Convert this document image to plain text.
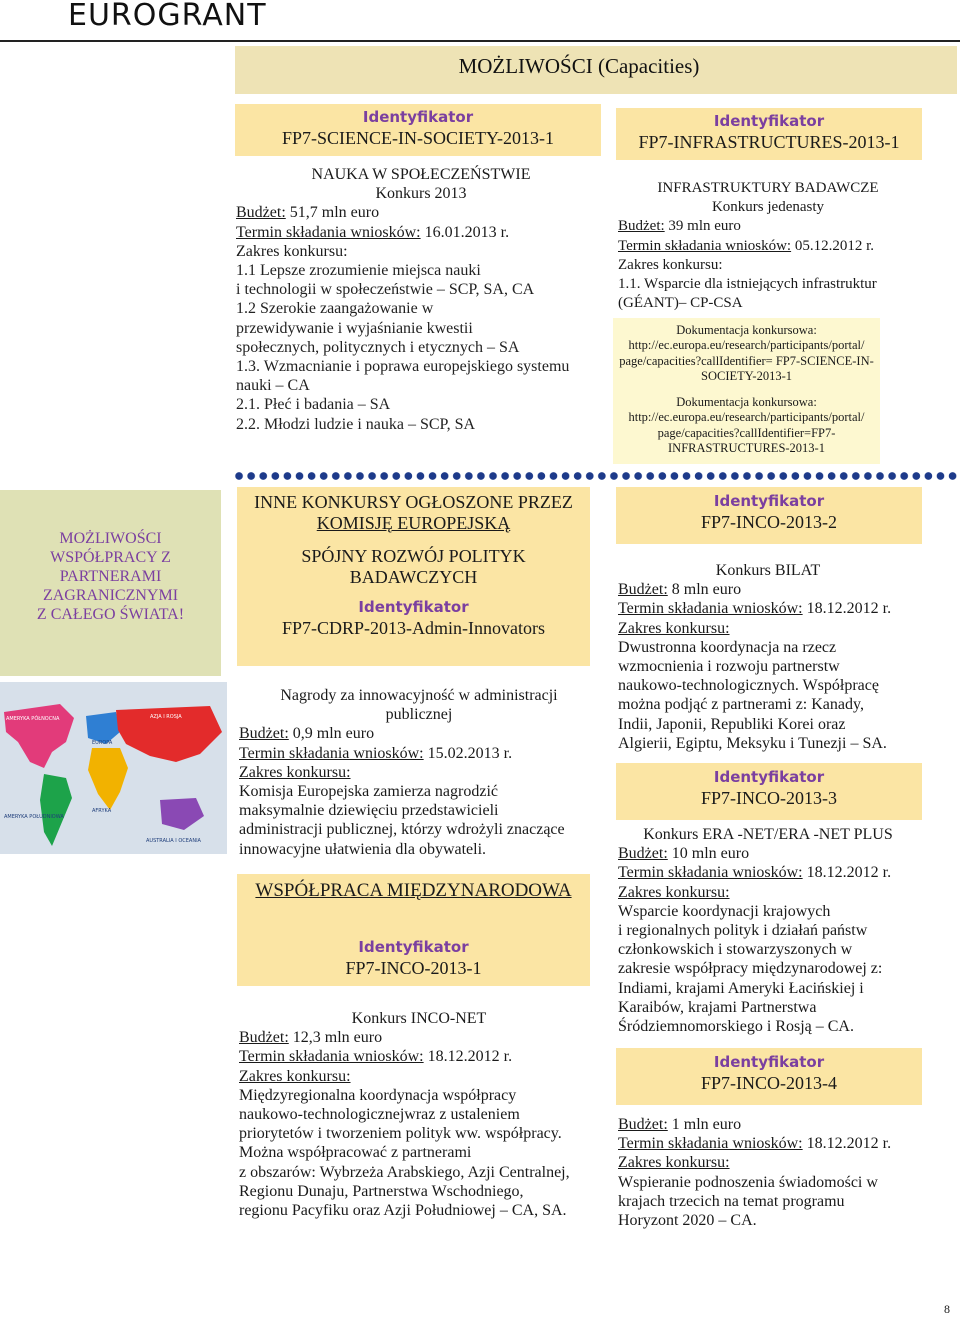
EUROGRANT
MOŻLIWOŚCI (Capacities)
Identyfikator
FP7-SCIENCE-IN-SOCIETY-2013-1
NAUKA W SPOŁECZEŃSTWIE
Konkurs 2013
Budżet: 51,7 mln euro
Termin składania wniosków: 16.01.2013 r.
Zakres konkursu:
1.1 Lepsze zrozumienie miejsca nauki
i technologii w społeczeństwie – SCP, SA, CA
1.2 Szerokie zaangażowanie w
przewidywanie i wyjaśnianie kwestii
społecznych, politycznych i etycznych – SA
1.3. Wzmacnianie i poprawa europejskiego systemu
nauki – CA
2.1. Płeć i badania – SA
2.2. Młodzi ludzie i nauka – SCP, SA
Identyfikator
FP7-INFRASTRUCTURES-2013-1
INFRASTRUKTURY BADAWCZE
Konkurs jedenasty
Budżet: 39 mln euro
Termin składania wniosków: 05.12.2012 r.
Zakres konkursu:
1.1. Wsparcie dla istniejących infrastruktur
(GÉANT)– CP-CSA
Dokumentacja konkursowa:
http://ec.europa.eu/research/participants/portal/
page/capacities?callIdentifier= FP7-SCIENCE-IN-
SOCIETY-2013-1
Dokumentacja konkursowa:
http://ec.europa.eu/research/participants/portal/
page/capacities?callIdentifier=FP7-
INFRASTRUCTURES-2013-1
MOŻLIWOŚCI
WSPÓŁPRACY Z
PARTNERAMI
ZAGRANICZNYMI
Z CAŁEGO ŚWIATA!
AMERYKA PÓŁNOCNA
EUROPA
AZJA I ROSJA
AFRYKA
AMERYKA POŁUDNIOWA
AUSTRALIA I OCEANIA
INNE KONKURSY OGŁOSZONE PRZEZ
KOMISJĘ EUROPEJSKĄ
SPÓJNY ROZWÓJ POLITYK
BADAWCZYCH
Identyfikator
FP7-CDRP-2013-Admin-Innovators
Nagrody za innowacyjność w administracji
publicznej
Budżet: 0,9 mln euro
Termin składania wniosków: 15.02.2013 r.
Zakres konkursu:
Komisja Europejska zamierza nagrodzić
maksymalnie dziewięciu przedstawicieli
administracji publicznej, którzy wdrożyli znaczące
innowacyjne ułatwienia dla obywateli.
WSPÓŁPRACA MIĘDZYNARODOWA
Identyfikator
FP7-INCO-2013-1
Konkurs INCO-NET
Budżet: 12,3 mln euro
Termin składania wniosków: 18.12.2012 r.
Zakres konkursu:
Międzyregionalna koordynacja współpracy
naukowo-technologicznejwraz z ustaleniem
priorytetów i tworzeniem polityk ww. współpracy.
Można współpracować z partnerami
z obszarów: Wybrzeża Arabskiego, Azji Centralnej,
Regionu Dunaju, Partnerstwa Wschodniego,
regionu Pacyfiku oraz Azji Południowej – CA, SA.
Identyfikator
FP7-INCO-2013-2
Konkurs BILAT
Budżet: 8 mln euro
Termin składania wniosków: 18.12.2012 r.
Zakres konkursu:
Dwustronna koordynacja na rzecz
wzmocnienia i rozwoju partnerstw
naukowo-technologicznych. Współpracę
można podjąć z partnerami z: Kanady,
Indii, Japonii, Republiki Korei oraz
Algierii, Egiptu, Meksyku i Tunezji – SA.
Identyfikator
FP7-INCO-2013-3
Konkurs ERA -NET/ERA -NET PLUS
Budżet: 10 mln euro
Termin składania wniosków: 18.12.2012 r.
Zakres konkursu:
Wsparcie koordynacji krajowych
i regionalnych polityk i działań państw
członkowskich i stowarzyszonych w
zakresie współpracy międzynarodowej z:
Indiami, krajami Ameryki Łacińskiej i
Karaibów, krajami Partnerstwa
Śródziemnomorskiego i Rosją – CA.
Identyfikator
FP7-INCO-2013-4
Budżet: 1 mln euro
Termin składania wniosków: 18.12.2012 r.
Zakres konkursu:
Wspieranie podnoszenia świadomości w
krajach trzecich na temat programu
Horyzont 2020 – CA.
8
